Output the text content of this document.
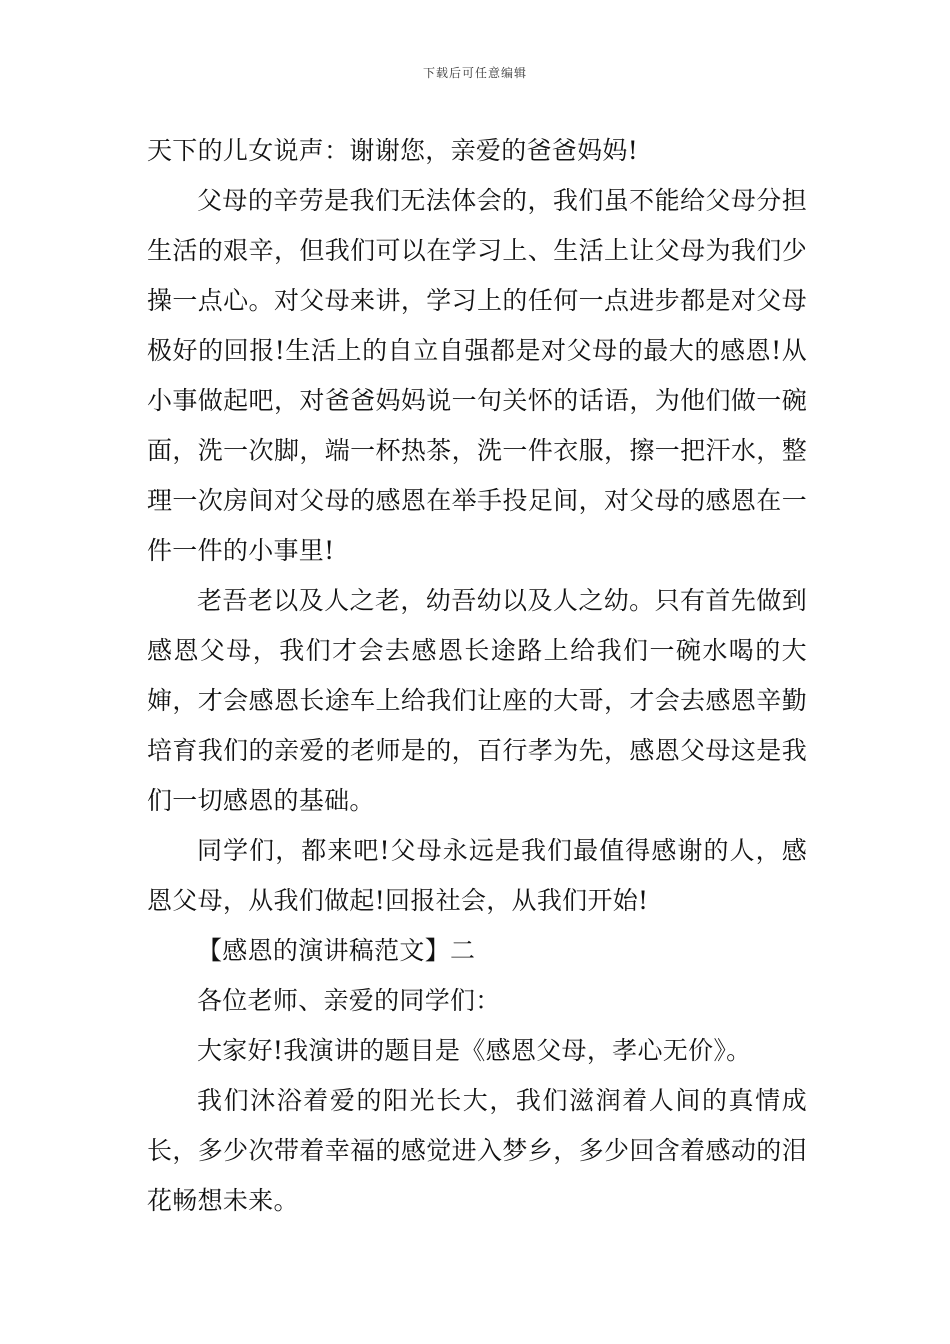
下载后可任意编辑

天下的儿女说声：谢谢您，亲爱的爸爸妈妈!

父母的辛劳是我们无法体会的，我们虽不能给父母分担生活的艰辛，但我们可以在学习上、生活上让父母为我们少操一点心。对父母来讲，学习上的任何一点进步都是对父母极好的回报!生活上的自立自强都是对父母的最大的感恩!从小事做起吧，对爸爸妈妈说一句关怀的话语，为他们做一碗面，洗一次脚，端一杯热茶，洗一件衣服，擦一把汗水，整理一次房间对父母的感恩在举手投足间，对父母的感恩在一件一件的小事里!

老吾老以及人之老，幼吾幼以及人之幼。只有首先做到感恩父母，我们才会去感恩长途路上给我们一碗水喝的大婶，才会感恩长途车上给我们让座的大哥，才会去感恩辛勤培育我们的亲爱的老师是的，百行孝为先，感恩父母这是我们一切感恩的基础。

同学们，都来吧!父母永远是我们最值得感谢的人，感恩父母，从我们做起!回报社会，从我们开始!

【感恩的演讲稿范文】二

各位老师、亲爱的同学们：

大家好!我演讲的题目是《感恩父母，孝心无价》。

我们沐浴着爱的阳光长大，我们滋润着人间的真情成长，多少次带着幸福的感觉进入梦乡，多少回含着感动的泪花畅想未来。
